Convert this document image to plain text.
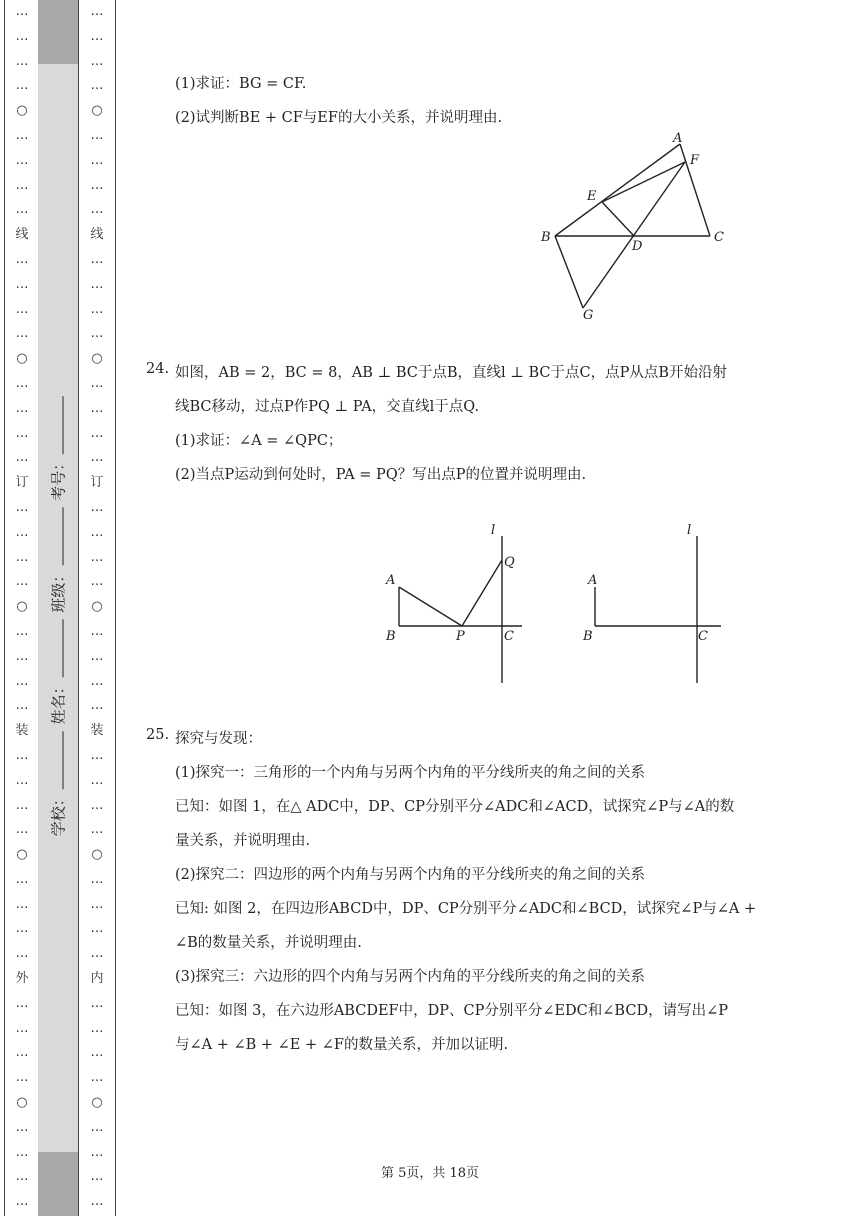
…
…
…
…
○
…
…
…
…
线
…
…
…
…
○
…
…
…
…
订
…
…
…
…
○
…
…
…
…
装
…
…
…
…
○
…
…
…
…
外
…
…
…
…
○
…
…
…
…
学校： 姓名： 班级： 考号：
…
…
…
…
○
…
…
…
…
线
…
…
…
…
○
…
…
…
…
订
…
…
…
…
○
…
…
…
…
装
…
…
…
…
○
…
…
…
…
内
…
…
…
…
○
…
…
…
…
(1)求证：BG = CF.
(2)试判断BE + CF与EF的大小关系，并说明理由.
A
F
E
B
D
C
G
24. 如图，AB = 2，BC = 8，AB ⊥ BC于点B，直线l ⊥ BC于点C，点P从点B开始沿射
线BC移动，过点P作PQ ⊥ PA，交直线l于点Q.
(1)求证：∠A = ∠QPC；
(2)当点P运动到何处时，PA = PQ？写出点P的位置并说明理由.
l
Q
A
B	P	C
l
A
B	C
25. 探究与发现：
(1)探究一：三角形的一个内角与另两个内角的平分线所夹的角之间的关系
已知：如图 1，在△ ADC中，DP、CP分别平分∠ADC和∠ACD，试探究∠P与∠A的数
量关系，并说明理由.
(2)探究二：四边形的两个内角与另两个内角的平分线所夹的角之间的关系
已知: 如图 2，在四边形ABCD中，DP、CP分别平分∠ADC和∠BCD，试探究∠P与∠A +
∠B的数量关系，并说明理由.
(3)探究三：六边形的四个内角与另两个内角的平分线所夹的角之间的关系
已知：如图 3，在六边形ABCDEF中，DP、CP分别平分∠EDC和∠BCD，请写出∠P
与∠A + ∠B + ∠E + ∠F的数量关系，并加以证明.
第 5页，共 18页
